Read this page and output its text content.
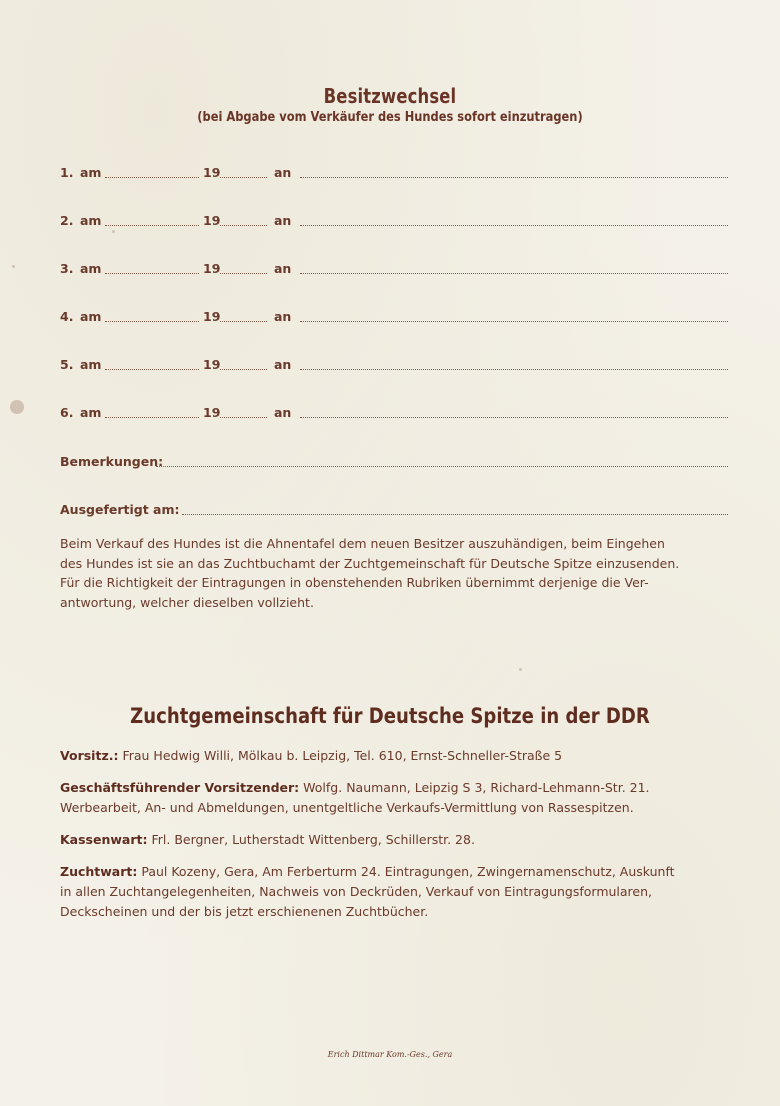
Besitzwechsel
(bei Abgabe vom Verkäufer des Hundes sofort einzutragen)
1. am	19	an
2. am	19	an
3. am	19	an
4. am	19	an
5. am	19	an
6. am	19	an
Bemerkungen:
Ausgefertigt am:
Beim Verkauf des Hundes ist die Ahnentafel dem neuen Besitzer auszuhändigen, beim Eingehen
des Hundes ist sie an das Zuchtbuchamt der Zuchtgemeinschaft für Deutsche Spitze einzusenden.
Für die Richtigkeit der Eintragungen in obenstehenden Rubriken übernimmt derjenige die Ver-
antwortung, welcher dieselben vollzieht.
Zuchtgemeinschaft für Deutsche Spitze in der DDR
Vorsitz.: Frau Hedwig Willi, Mölkau b. Leipzig, Tel. 610, Ernst-Schneller-Straße 5
Geschäftsführender Vorsitzender: Wolfg. Naumann, Leipzig S 3, Richard-Lehmann-Str. 21.
Werbearbeit, An- und Abmeldungen, unentgeltliche Verkaufs-Vermittlung von Rassespitzen.
Kassenwart: Frl. Bergner, Lutherstadt Wittenberg, Schillerstr. 28.
Zuchtwart: Paul Kozeny, Gera, Am Ferberturm 24. Eintragungen, Zwingernamenschutz, Auskunft
in allen Zuchtangelegenheiten, Nachweis von Deckrüden, Verkauf von Eintragungsformularen,
Deckscheinen und der bis jetzt erschienenen Zuchtbücher.
Erich Dittmar Kom.-Ges., Gera
